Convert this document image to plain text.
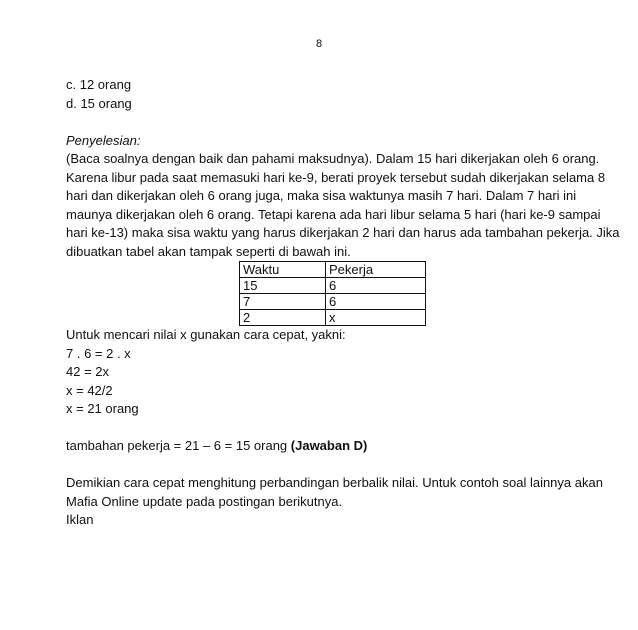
8
c. 12 orang
d. 15 orang
Penyelesian:
(Baca soalnya dengan baik dan pahami maksudnya). Dalam 15 hari dikerjakan oleh 6 orang.
Karena libur pada saat memasuki hari ke-9, berati proyek tersebut sudah dikerjakan selama 8
hari dan dikerjakan oleh 6 orang juga, maka sisa waktunya masih 7 hari. Dalam 7 hari ini
maunya dikerjakan oleh 6 orang. Tetapi karena ada hari libur selama 5 hari (hari ke-9 sampai
hari ke-13) maka sisa waktu yang harus dikerjakan 2 hari dan harus ada tambahan pekerja. Jika
dibuatkan tabel akan tampak seperti di bawah ini.
Waktu	Pekerja
15	6
7	6
2	x
Untuk mencari nilai x gunakan cara cepat, yakni:
7 . 6 = 2 . x
42 = 2x
x = 42/2
x = 21 orang
tambahan pekerja = 21 – 6 = 15 orang (Jawaban D)
Demikian cara cepat menghitung perbandingan berbalik nilai. Untuk contoh soal lainnya akan
Mafia Online update pada postingan berikutnya.
Iklan
